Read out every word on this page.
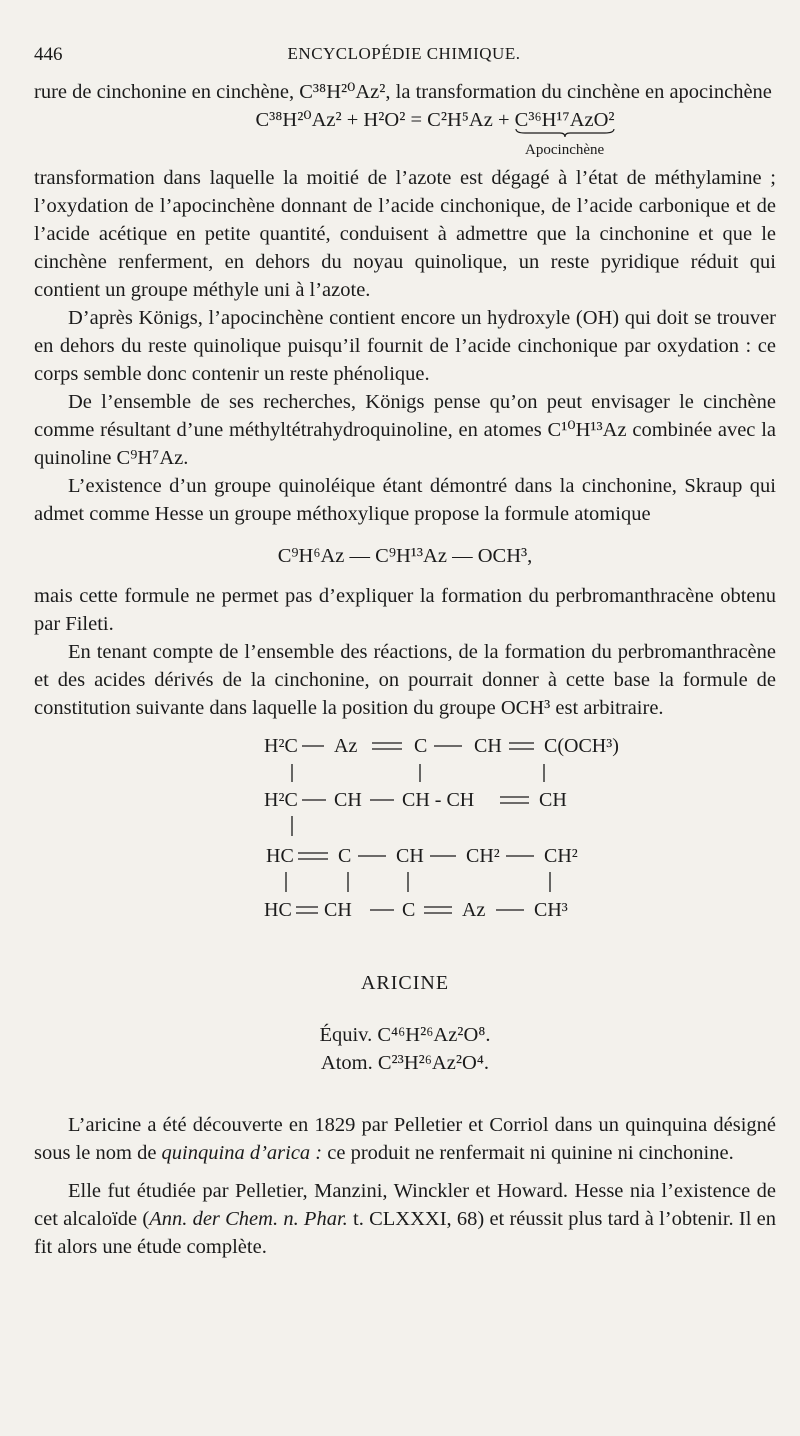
446	ENCYCLOPÉDIE CHIMIQUE.

rure de cinchonine en cinchène, C³⁸H²⁰Az², la transformation du cinchène en apocinchène

C³⁸H²⁰Az² + H²O² = C²H⁵Az + C³⁶H¹⁷AzO²
Apocinchène

transformation dans laquelle la moitié de l’azote est dégagé à l’état de méthylamine ; l’oxydation de l’apocinchène donnant de l’acide cinchonique, de l’acide carbonique et de l’acide acétique en petite quantité, conduisent à admettre que la cinchonine et que le cinchène renferment, en dehors du noyau quinolique, un reste pyridique réduit qui contient un groupe méthyle uni à l’azote.

D’après Königs, l’apocinchène contient encore un hydroxyle (OH) qui doit se trouver en dehors du reste quinolique puisqu’il fournit de l’acide cinchonique par oxydation : ce corps semble donc contenir un reste phénolique.

De l’ensemble de ses recherches, Königs pense qu’on peut envisager le cinchène comme résultant d’une méthyltétrahydroquinoline, en atomes C¹⁰H¹³Az combinée avec la quinoline C⁹H⁷Az.

L’existence d’un groupe quinoléique étant démontré dans la cinchonine, Skraup qui admet comme Hesse un groupe méthoxylique propose la formule atomique

C⁹H⁶Az — C⁹H¹³Az — OCH³,

mais cette formule ne permet pas d’expliquer la formation du perbromanthracène obtenu par Fileti.

En tenant compte de l’ensemble des réactions, de la formation du perbromanthracène et des acides dérivés de la cinchonine, on pourrait donner à cette base la formule de constitution suivante dans laquelle la position du groupe OCH³ est arbitraire.

H²C Az	C CH C(OCH³)
H²C CH CH - CH	CH
HC C CH CH² CH²
HC CH	C Az CH³
ARICINE

Équiv. C⁴⁶H²⁶Az²O⁸.

Atom. C²³H²⁶Az²O⁴.

L’aricine a été découverte en 1829 par Pelletier et Corriol dans un quinquina désigné sous le nom de quinquina d’arica : ce produit ne renfermait ni quinine ni cinchonine.

Elle fut étudiée par Pelletier, Manzini, Winckler et Howard. Hesse nia l’existence de cet alcaloïde (Ann. der Chem. n. Phar. t. CLXXXI, 68) et réussit plus tard à l’obtenir. Il en fit alors une étude complète.
